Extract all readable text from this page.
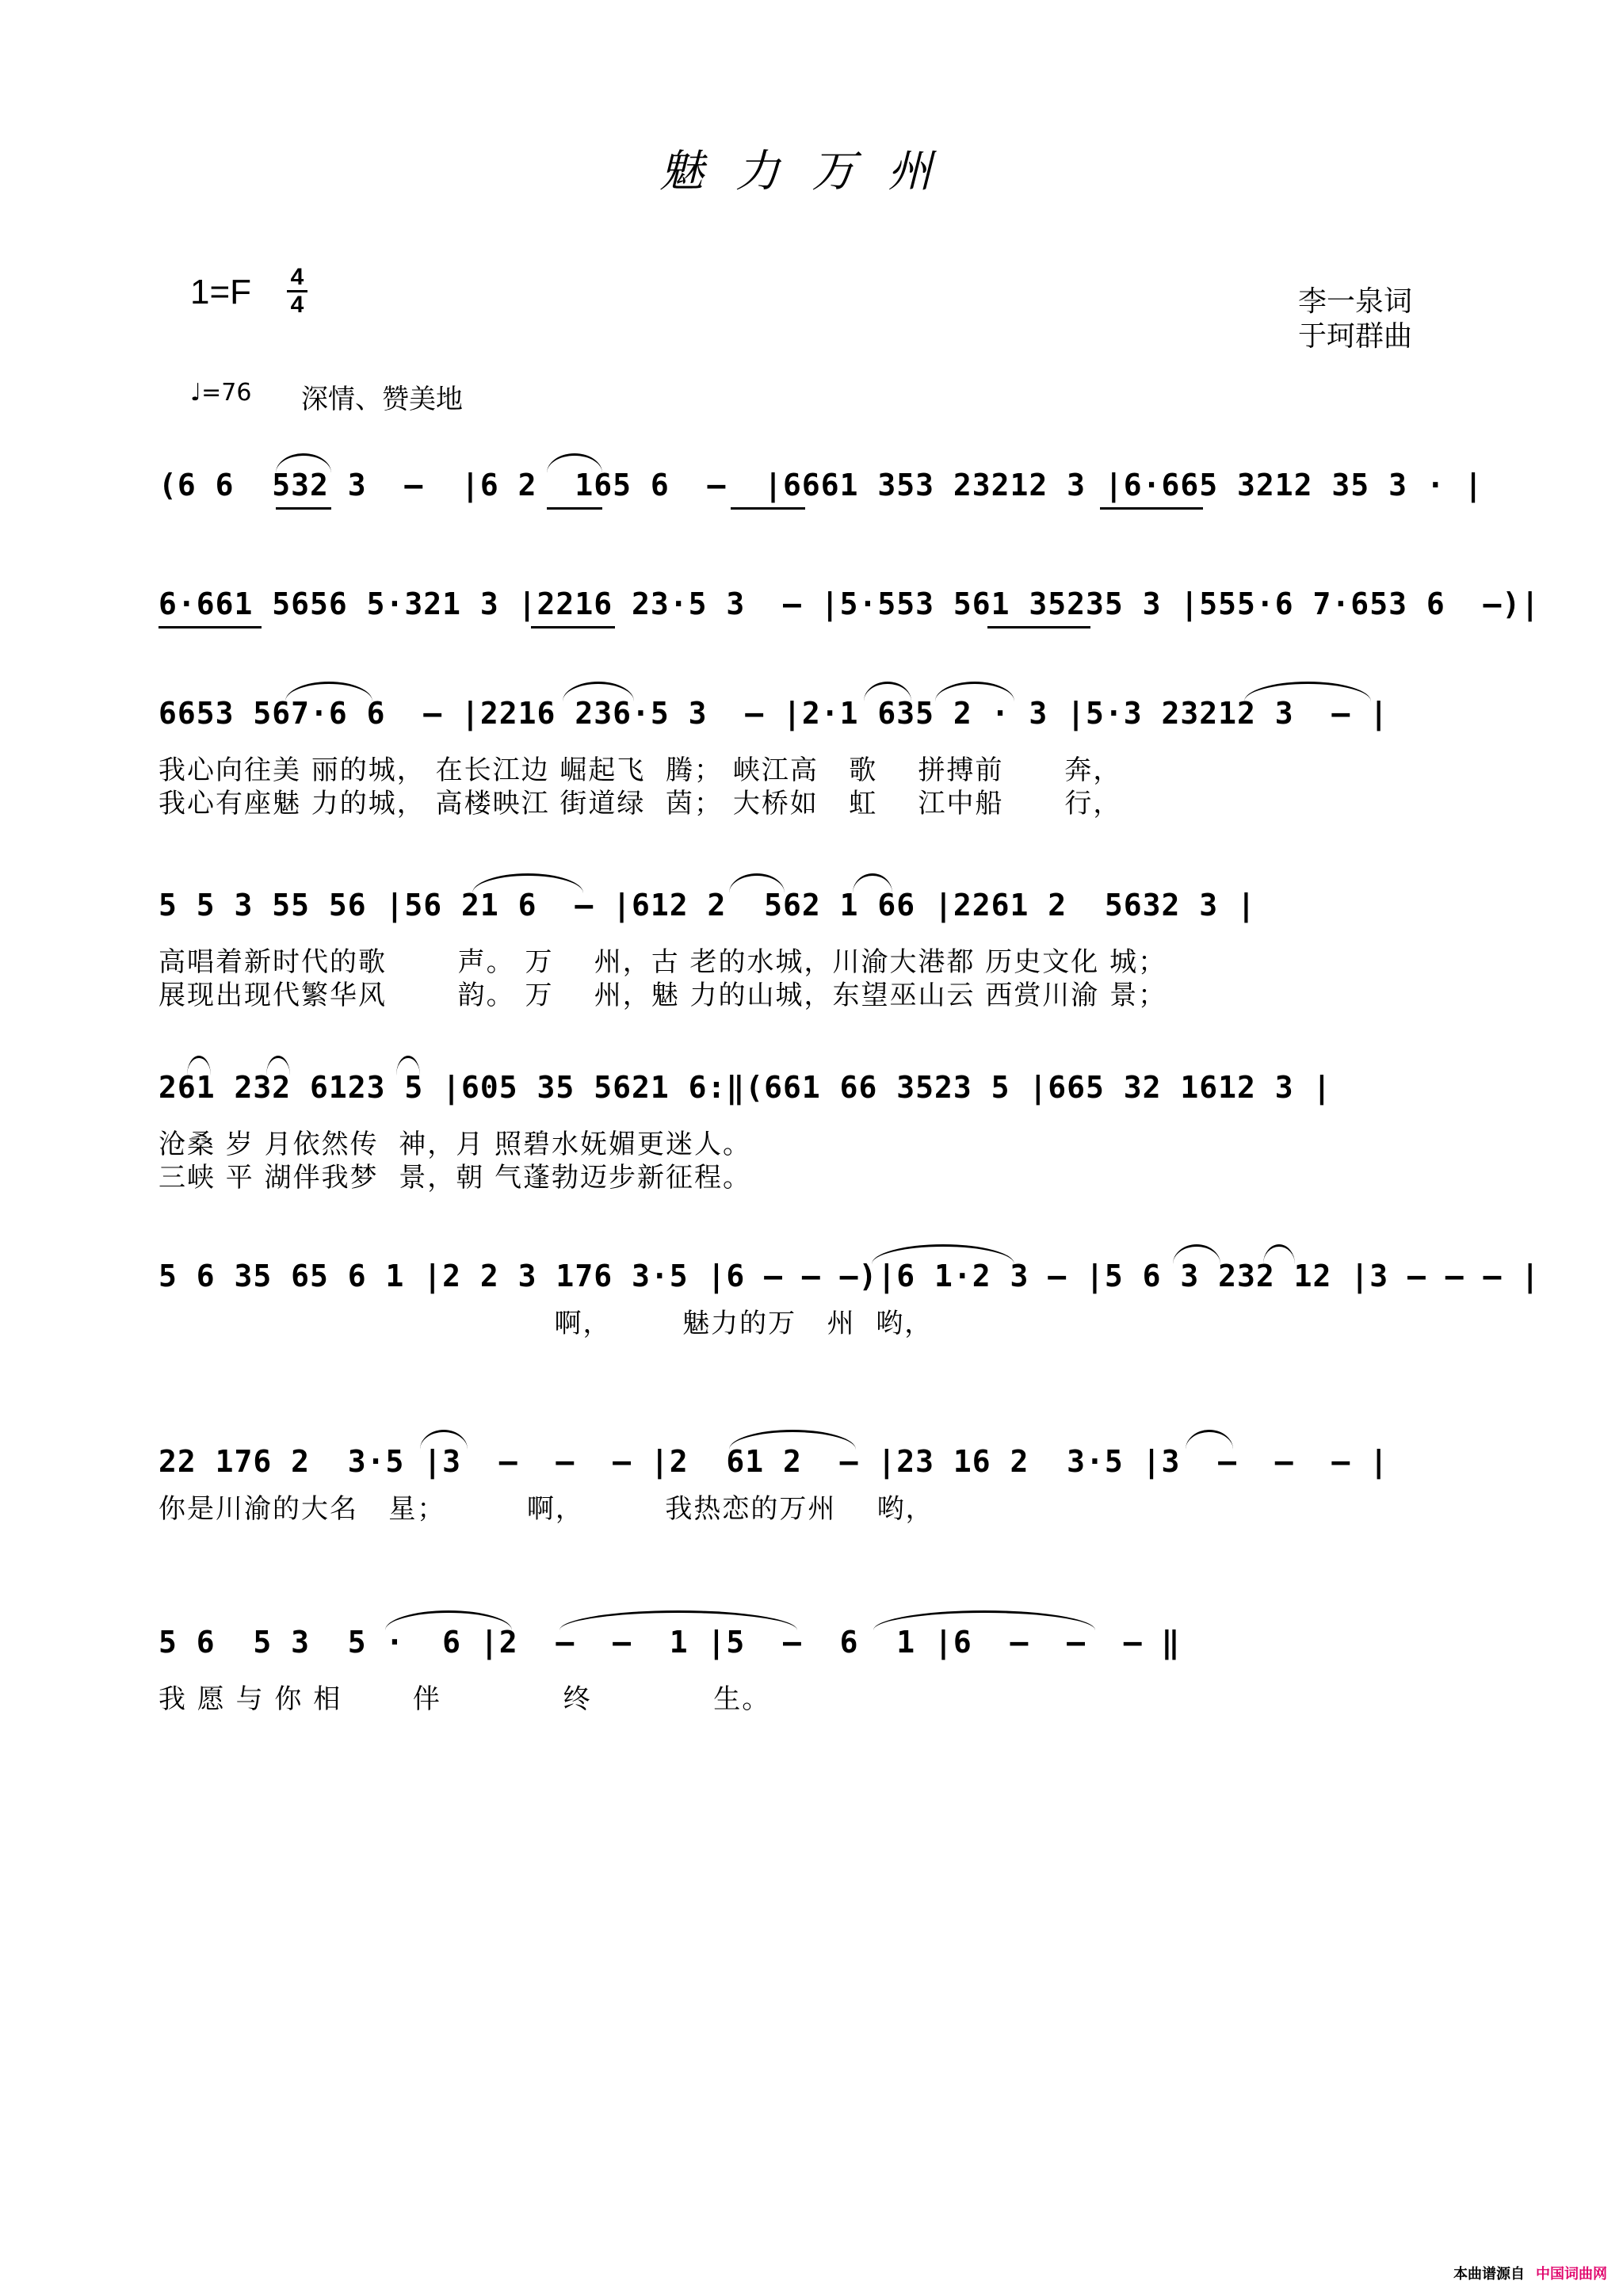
魅力万州
1=F 4
4	李一泉词
于珂群曲
♩=76 深情、赞美地
(6 6  532 3  –  |6 2  165 6  –  |6661 353 23212 3 |6·665 3212 35 3 · |
6·661 5656 5·321 3 |2216 23·5 3  – |5·553 561 35235 3 |555·6 7·653 6  –)|
6653 567·6 6  – |2216 236·5 3  – |2·1 635 2 · 3 |5·3 23212 3  – |
我心向往美 丽的城， 在长江边 崛起飞  腾； 峡江高   歌    拼搏前      奔，
我心有座魅 力的城， 高楼映江 街道绿  茵； 大桥如   虹    江中船      行，
5 5 3 55 56 |56 21 6  – |612 2  562 1 66 |2261 2  5632 3 |
高唱着新时代的歌       声。 万    州，古 老的水城，川渝大港都 历史文化 城；
展现出现代繁华风       韵。 万    州，魅 力的山城，东望巫山云 西赏川渝 景；
261 232 6123 5 |605 35 5621 6:‖(661 66 3523 5 |665 32 1612 3 |
沧桑 岁 月依然传  神，月 照碧水妩媚更迷人。
三峡 平 湖伴我梦  景，朝 气蓬勃迈步新征程。
5 6 35 65 6 1 |2 2 3 176 3·5 |6 – – –)|6 1·2 3 – |5 6 3 232 12 |3 – – – |
啊，       魅力的万   州  哟，
22 176 2  3·5 |3  –  –  – |2  61 2  – |23 16 2  3·5 |3  –  –  – |
你是川渝的大名   星；        啊，        我热恋的万州    哟，
5 6  5 3  5 ·  6 |2  –  –  1 |5  –  6  1 |6  –  –  – ‖
我 愿 与 你 相       伴            终            生。
本曲谱源自 中国词曲网
